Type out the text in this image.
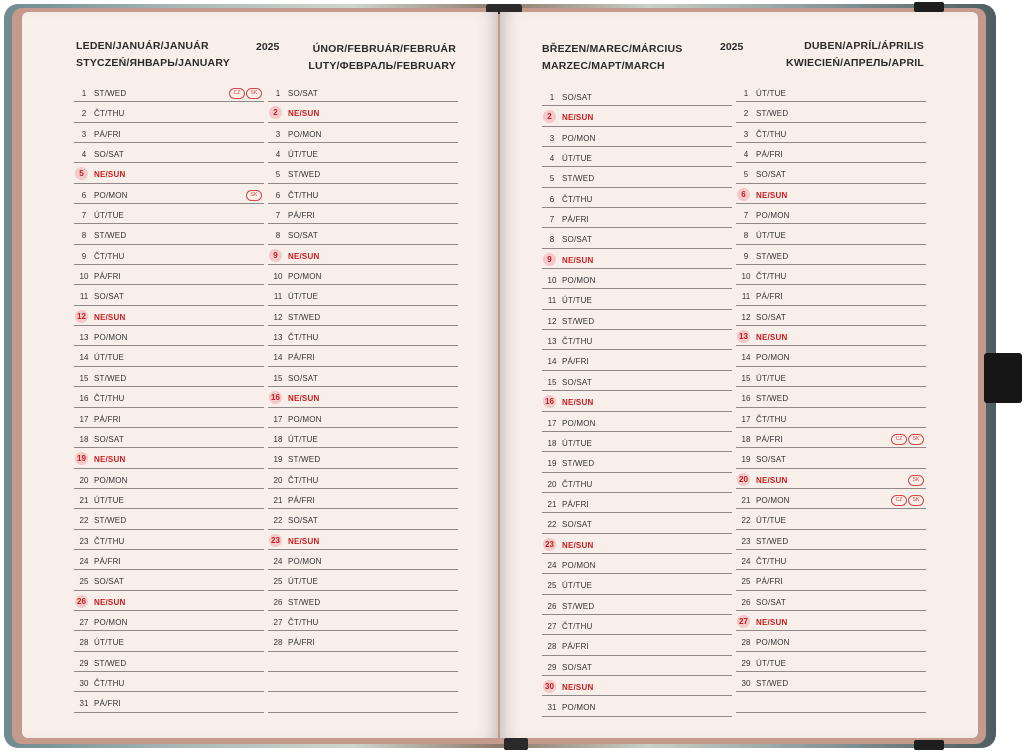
LEDEN/JANUÁR/JANUÁR
STYCZEŃ/ЯНВАРЬ/JANUARY
2025	ÚNOR/FEBRUÁR/FEBRUÁR
LUTY/ФЕВРАЛЬ/FEBRUARY
1 ST/WED	CZ SK
2 ČT/THU
3 PÁ/FRI
4 SO/SAT
5	NE/SUN
6 PO/MON	SK
7 ÚT/TUE
8 ST/WED
9 ČT/THU
10 PÁ/FRI
11 SO/SAT
12 NE/SUN
13 PO/MON
14 ÚT/TUE
15 ST/WED
16 ČT/THU
17 PÁ/FRI
18 SO/SAT
19 NE/SUN
20 PO/MON
21 ÚT/TUE
22 ST/WED
23 ČT/THU
24 PÁ/FRI
25 SO/SAT
26 NE/SUN
27 PO/MON
28 ÚT/TUE
29 ST/WED
30 ČT/THU
31 PÁ/FRI
1 SO/SAT
2	NE/SUN
3 PO/MON
4 ÚT/TUE
5 ST/WED
6 ČT/THU
7 PÁ/FRI
8 SO/SAT
9	NE/SUN
10 PO/MON
11 ÚT/TUE
12 ST/WED
13 ČT/THU
14 PÁ/FRI
15 SO/SAT
16 NE/SUN
17 PO/MON
18 ÚT/TUE
19 ST/WED
20 ČT/THU
21 PÁ/FRI
22 SO/SAT
23 NE/SUN
24 PO/MON
25 ÚT/TUE
26 ST/WED
27 ČT/THU
28 PÁ/FRI
BŘEZEN/MAREC/MÁRCIUS
MARZEC/МАРТ/MARCH
2025	DUBEN/APRÍL/ÁPRILIS
KWIECIEŃ/АПРЕЛЬ/APRIL
1 SO/SAT
2	NE/SUN
3 PO/MON
4 ÚT/TUE
5 ST/WED
6 ČT/THU
7 PÁ/FRI
8 SO/SAT
9	NE/SUN
10 PO/MON
11 ÚT/TUE
12 ST/WED
13 ČT/THU
14 PÁ/FRI
15 SO/SAT
16 NE/SUN
17 PO/MON
18 ÚT/TUE
19 ST/WED
20 ČT/THU
21 PÁ/FRI
22 SO/SAT
23 NE/SUN
24 PO/MON
25 ÚT/TUE
26 ST/WED
27 ČT/THU
28 PÁ/FRI
29 SO/SAT
30 NE/SUN
31 PO/MON
1 ÚT/TUE
2 ST/WED
3 ČT/THU
4 PÁ/FRI
5 SO/SAT
6	NE/SUN
7 PO/MON
8 ÚT/TUE
9 ST/WED
10 ČT/THU
11 PÁ/FRI
12 SO/SAT
13 NE/SUN
14 PO/MON
15 ÚT/TUE
16 ST/WED
17 ČT/THU
18 PÁ/FRI	CZ SK
19 SO/SAT
20 NE/SUN	SK
21 PO/MON	CZ SK
22 ÚT/TUE
23 ST/WED
24 ČT/THU
25 PÁ/FRI
26 SO/SAT
27 NE/SUN
28 PO/MON
29 ÚT/TUE
30 ST/WED
